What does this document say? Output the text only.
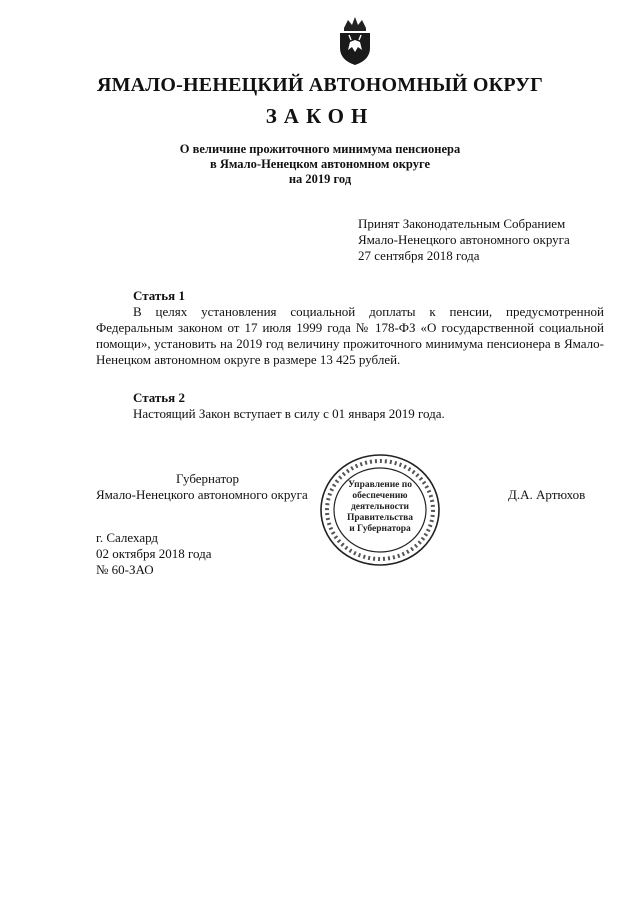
ЯМАЛО-НЕНЕЦКИЙ АВТОНОМНЫЙ ОКРУГ
ЗАКОН
О величине прожиточного минимума пенсионера
в Ямало-Ненецком автономном округе
на 2019 год
Принят Законодательным Собранием
Ямало-Ненецкого автономного округа
27 сентября 2018 года
Статья 1

В целях установления социальной доплаты к пенсии, предусмотренной Федеральным законом от 17 июля 1999 года № 178-ФЗ «О государственной социальной помощи», установить на 2019 год величину прожиточного минимума пенсионера в Ямало-Ненецком автономном округе в размере 13 425 рублей.

Статья 2

Настоящий Закон вступает в силу с 01 января 2019 года.

Губернатор
Ямало-Ненецкого автономного округа
Управление по
обеспечению
деятельности
Правительства
и Губернатора
Д.А. Артюхов
г. Салехард
02 октября 2018 года
№ 60-ЗАО
